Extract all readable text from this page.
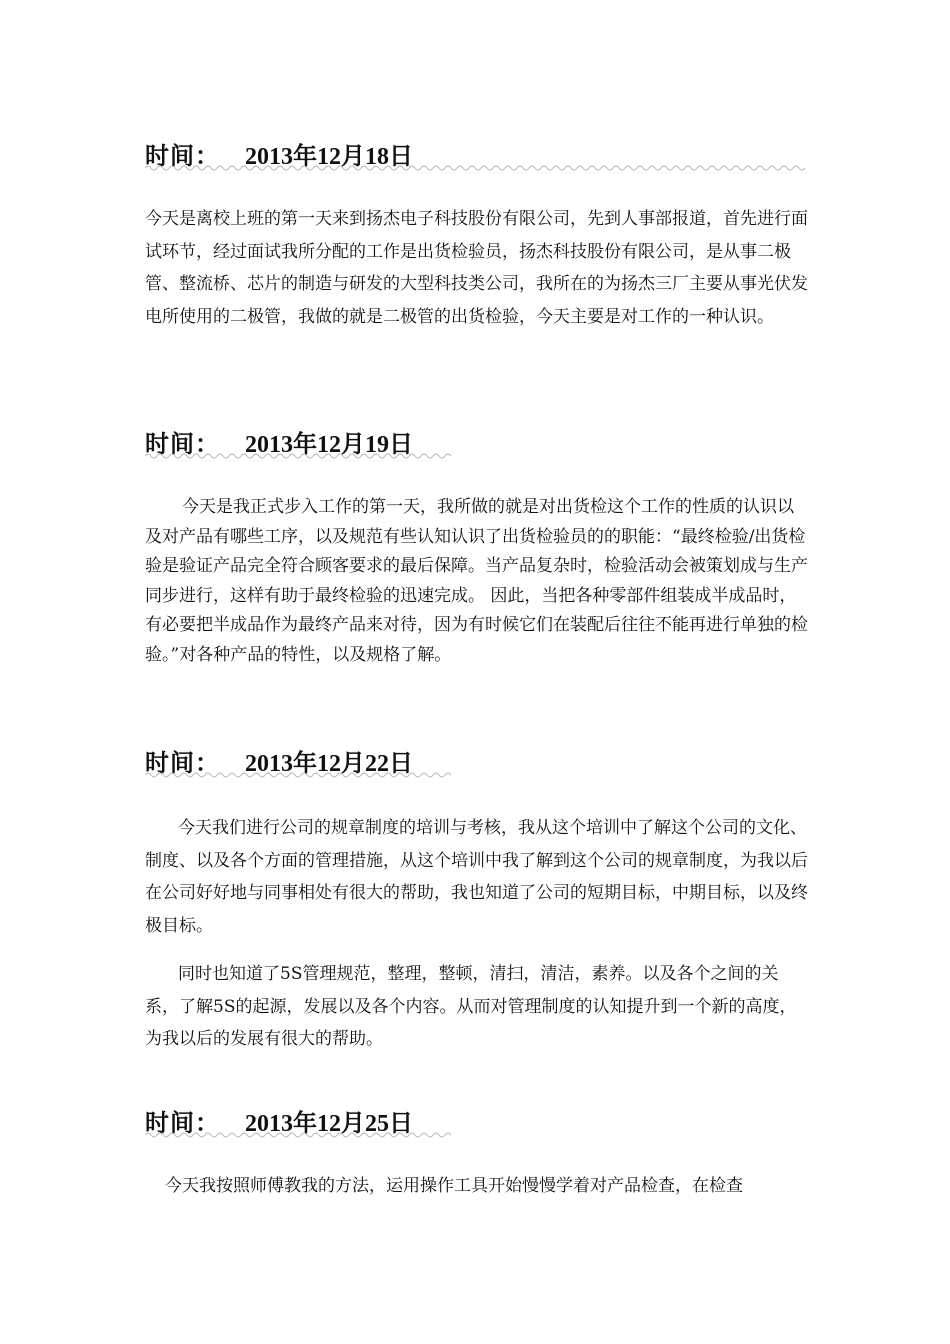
时间： 2013年12月18日

今天是离校上班的第一天来到扬杰电子科技股份有限公司，先到人事部报道，首先进行面试环节，经过面试我所分配的工作是出货检验员，扬杰科技股份有限公司，是从事二极管、整流桥、芯片的制造与研发的大型科技类公司，我所在的为扬杰三厂主要从事光伏发电所使用的二极管，我做的就是二极管的出货检验，今天主要是对工作的一种认识。

时间： 2013年12月19日

今天是我正式步入工作的第一天，我所做的就是对出货检这个工作的性质的认识以及对产品有哪些工序，以及规范有些认知认识了出货检验员的的职能：“最终检验/出货检验是验证产品完全符合顾客要求的最后保障。当产品复杂时，检验活动会被策划成与生产同步进行，这样有助于最终检验的迅速完成。 因此，当把各种零部件组装成半成品时，有必要把半成品作为最终产品来对待，因为有时候它们在装配后往往不能再进行单独的检验。”对各种产品的特性，以及规格了解。

时间： 2013年12月22日

今天我们进行公司的规章制度的培训与考核，我从这个培训中了解这个公司的文化、制度、以及各个方面的管理措施，从这个培训中我了解到这个公司的规章制度，为我以后在公司好好地与同事相处有很大的帮助，我也知道了公司的短期目标，中期目标，以及终极目标。

同时也知道了5S管理规范，整理，整顿，清扫，清洁，素养。以及各个之间的关系，了解5S的起源，发展以及各个内容。从而对管理制度的认知提升到一个新的高度，为我以后的发展有很大的帮助。

时间： 2013年12月25日

今天我按照师傅教我的方法，运用操作工具开始慢慢学着对产品检查，在检查
